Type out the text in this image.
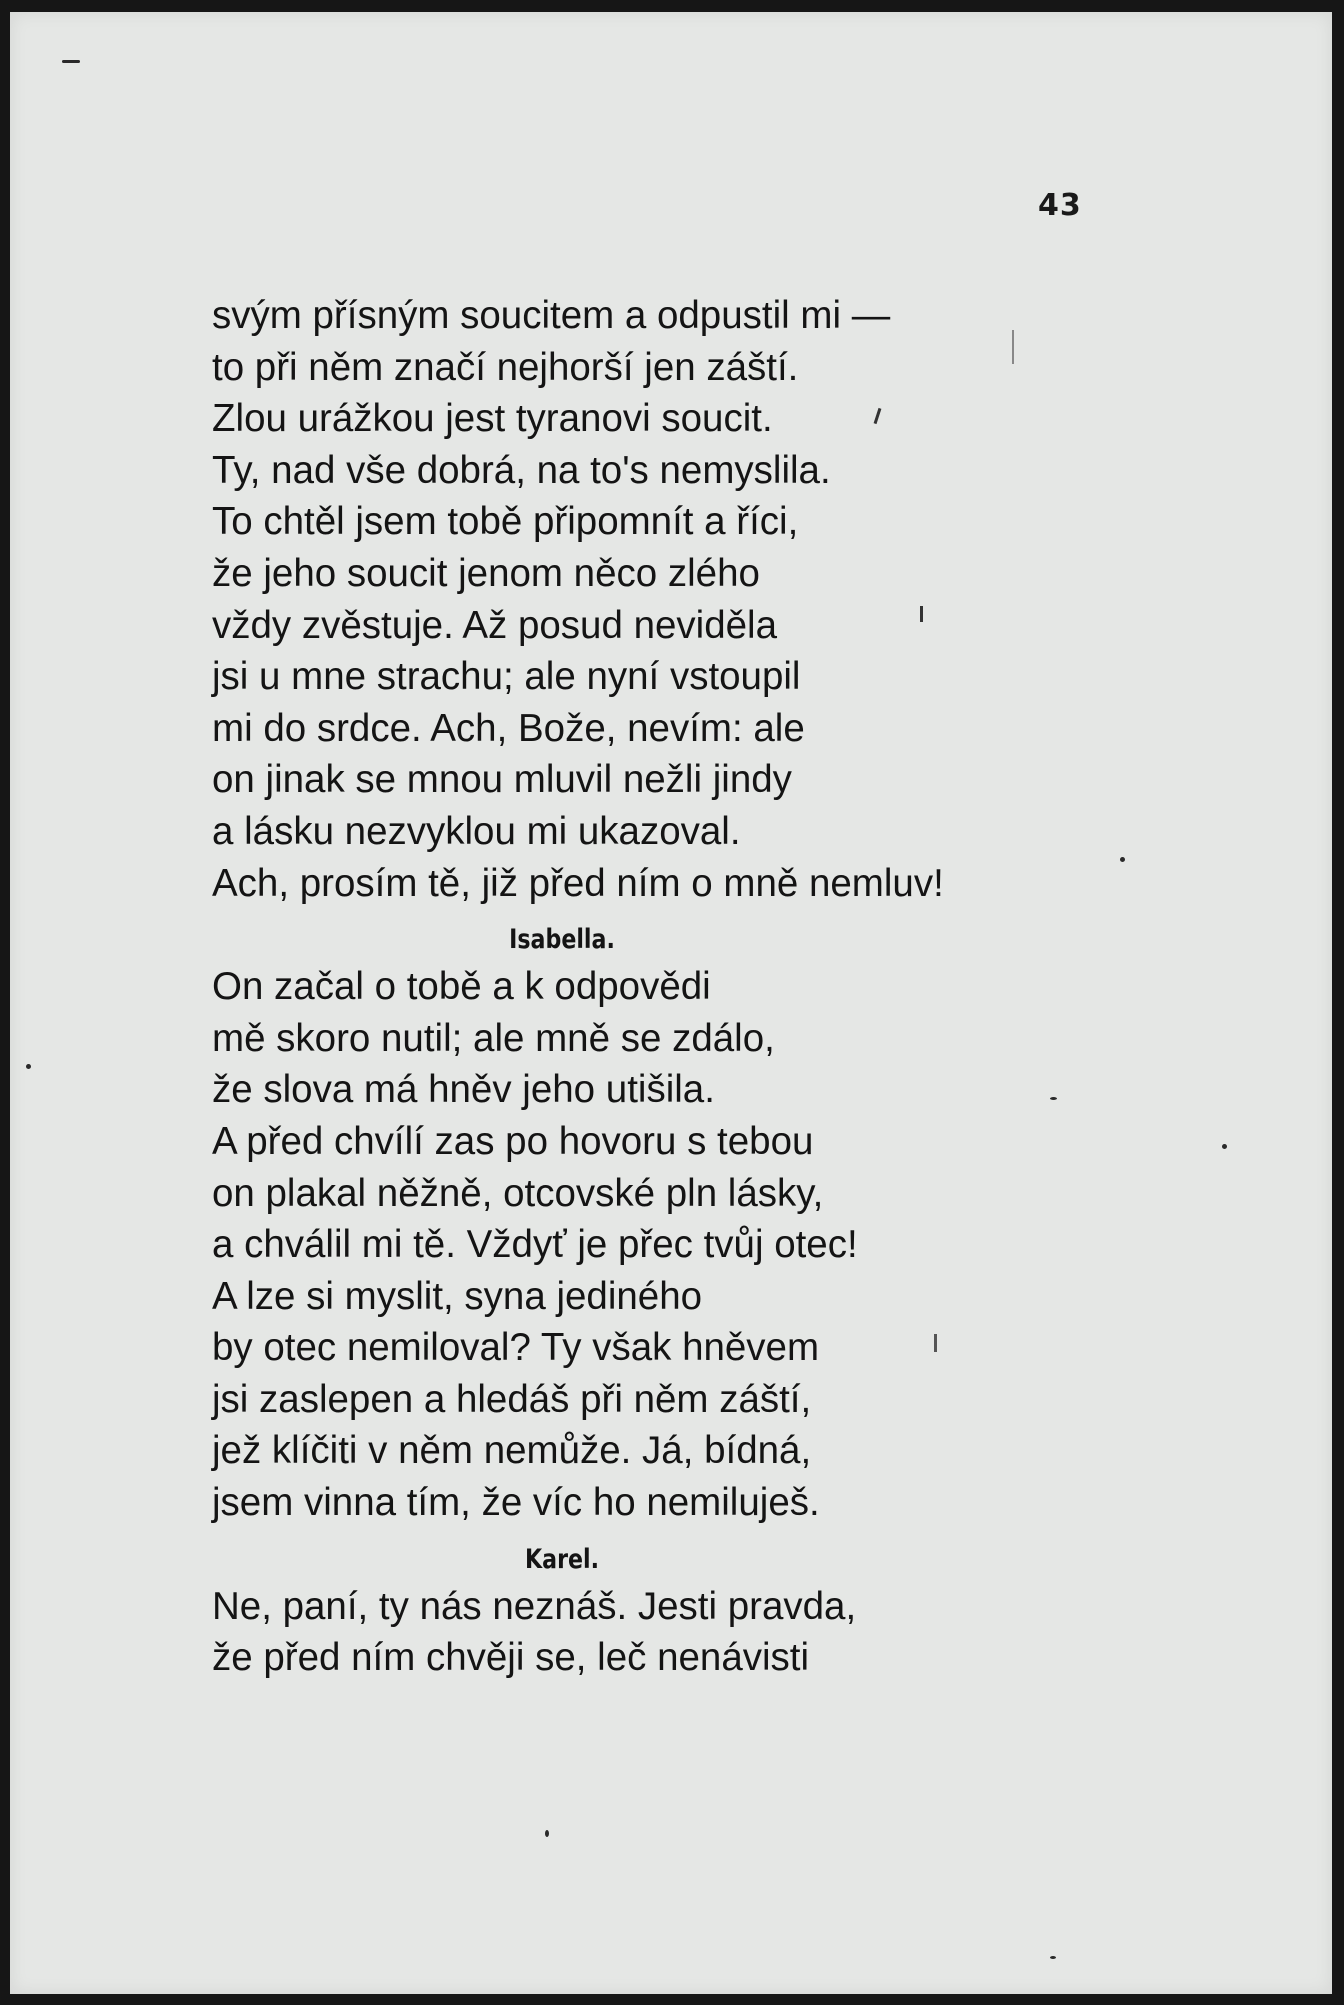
43
svým přísným soucitem a odpustil mi —
to při něm značí nejhorší jen záští.
Zlou urážkou jest tyranovi soucit.
Ty, nad vše dobrá, na to's nemyslila.
To chtěl jsem tobě připomnít a říci,
že jeho soucit jenom něco zlého
vždy zvěstuje. Až posud neviděla
jsi u mne strachu; ale nyní vstoupil
mi do srdce. Ach, Bože, nevím: ale
on jinak se mnou mluvil nežli jindy
a lásku nezvyklou mi ukazoval.
Ach, prosím tě, již před ním o mně nemluv!
Isabella.
On začal o tobě a k odpovědi
mě skoro nutil; ale mně se zdálo,
že slova má hněv jeho utišila.
A před chvílí zas po hovoru s tebou
on plakal něžně, otcovské pln lásky,
a chválil mi tě. Vždyť je přec tvůj otec!
A lze si myslit, syna jediného
by otec nemiloval? Ty však hněvem
jsi zaslepen a hledáš při něm záští,
jež klíčiti v něm nemůže. Já, bídná,
jsem vinna tím, že víc ho nemiluješ.
Karel.
Ne, paní, ty nás neznáš. Jesti pravda,
že před ním chvěji se, leč nenávisti
